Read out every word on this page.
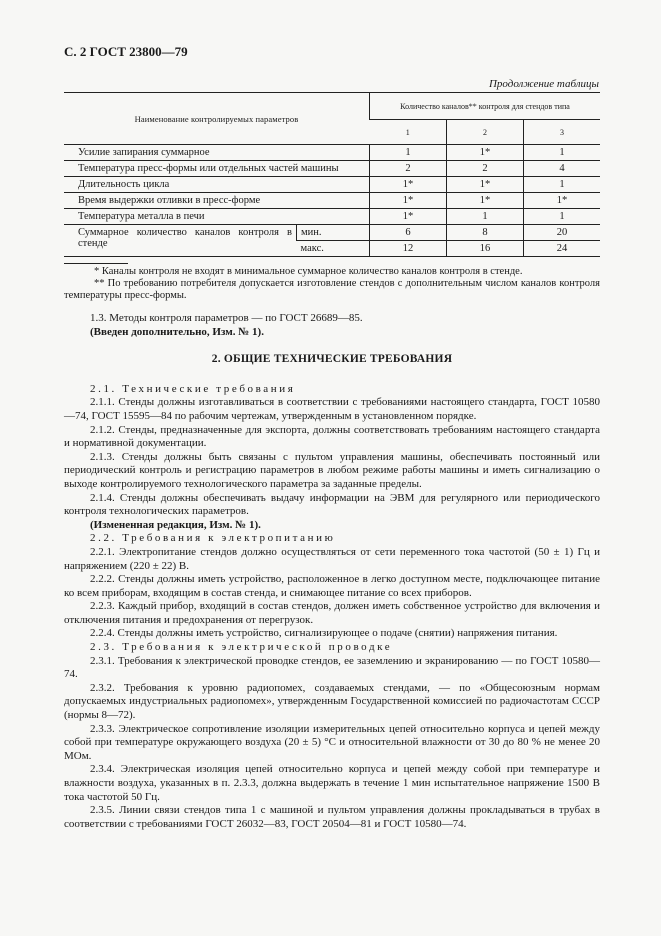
С. 2 ГОСТ 23800—79
Продолжение таблицы
Наименование контролируемых параметров		Количество каналов** контроля для стендов типа		
		1	2	3
Усилие запирания суммарное		1	1*	1
Температура пресс-формы или отдельных частей машины		2	2	4
Длительность цикла		1*	1*	1
Время выдержки отливки в пресс-форме		1*	1*	1*
Температура металла в печи		1*	1	1
Суммарное количество каналов контроля в стенде	мин.	6	8	20
	макс.	12	16	24

* Каналы контроля не входят в минимальное суммарное количество каналов контроля в стенде.

** По требованию потребителя допускается изготовление стендов с дополнительным числом каналов контроля температуры пресс-формы.

1.3. Методы контроля параметров — по ГОСТ 26689—85.

(Введен дополнительно, Изм. № 1).

2. ОБЩИЕ ТЕХНИЧЕСКИЕ ТРЕБОВАНИЯ

2.1. Технические требования

2.1.1. Стенды должны изготавливаться в соответствии с требованиями настоящего стандарта, ГОСТ 10580—74, ГОСТ 15595—84 по рабочим чертежам, утвержденным в установленном порядке.

2.1.2. Стенды, предназначенные для экспорта, должны соответствовать требованиям настоящего стандарта и нормативной документации.

2.1.3. Стенды должны быть связаны с пультом управления машины, обеспечивать постоянный или периодический контроль и регистрацию параметров в любом режиме работы машины и иметь сигнализацию о выходе контролируемого технологического параметра за заданные пределы.

2.1.4. Стенды должны обеспечивать выдачу информации на ЭВМ для регулярного или периодического контроля технологических параметров.

(Измененная редакция, Изм. № 1).

2.2. Требования к электропитанию

2.2.1. Электропитание стендов должно осуществляться от сети переменного тока частотой (50 ± 1) Гц и напряжением (220 ± 22) В.

2.2.2. Стенды должны иметь устройство, расположенное в легко доступном месте, подключающее питание ко всем приборам, входящим в состав стенда, и снимающее питание со всех приборов.

2.2.3. Каждый прибор, входящий в состав стендов, должен иметь собственное устройство для включения и отключения питания и предохранения от перегрузок.

2.2.4. Стенды должны иметь устройство, сигнализирующее о подаче (снятии) напряжения питания.

2.3. Требования к электрической проводке

2.3.1. Требования к электрической проводке стендов, ее заземлению и экранированию — по ГОСТ 10580—74.

2.3.2. Требования к уровню радиопомех, создаваемых стендами, — по «Общесоюзным нормам допускаемых индустриальных радиопомех», утвержденным Государственной комиссией по радиочастотам СССР (нормы 8—72).

2.3.3. Электрическое сопротивление изоляции измерительных цепей относительно корпуса и цепей между собой при температуре окружающего воздуха (20 ± 5) °С и относительной влажности от 30 до 80 % не менее 20 МОм.

2.3.4. Электрическая изоляция цепей относительно корпуса и цепей между собой при температуре и влажности воздуха, указанных в п. 2.3.3, должна выдержать в течение 1 мин испытательное напряжение 1500 В тока частотой 50 Гц.

2.3.5. Линии связи стендов типа 1 с машиной и пультом управления должны прокладываться в трубах в соответствии с требованиями ГОСТ 26032—83, ГОСТ 20504—81 и ГОСТ 10580—74.
